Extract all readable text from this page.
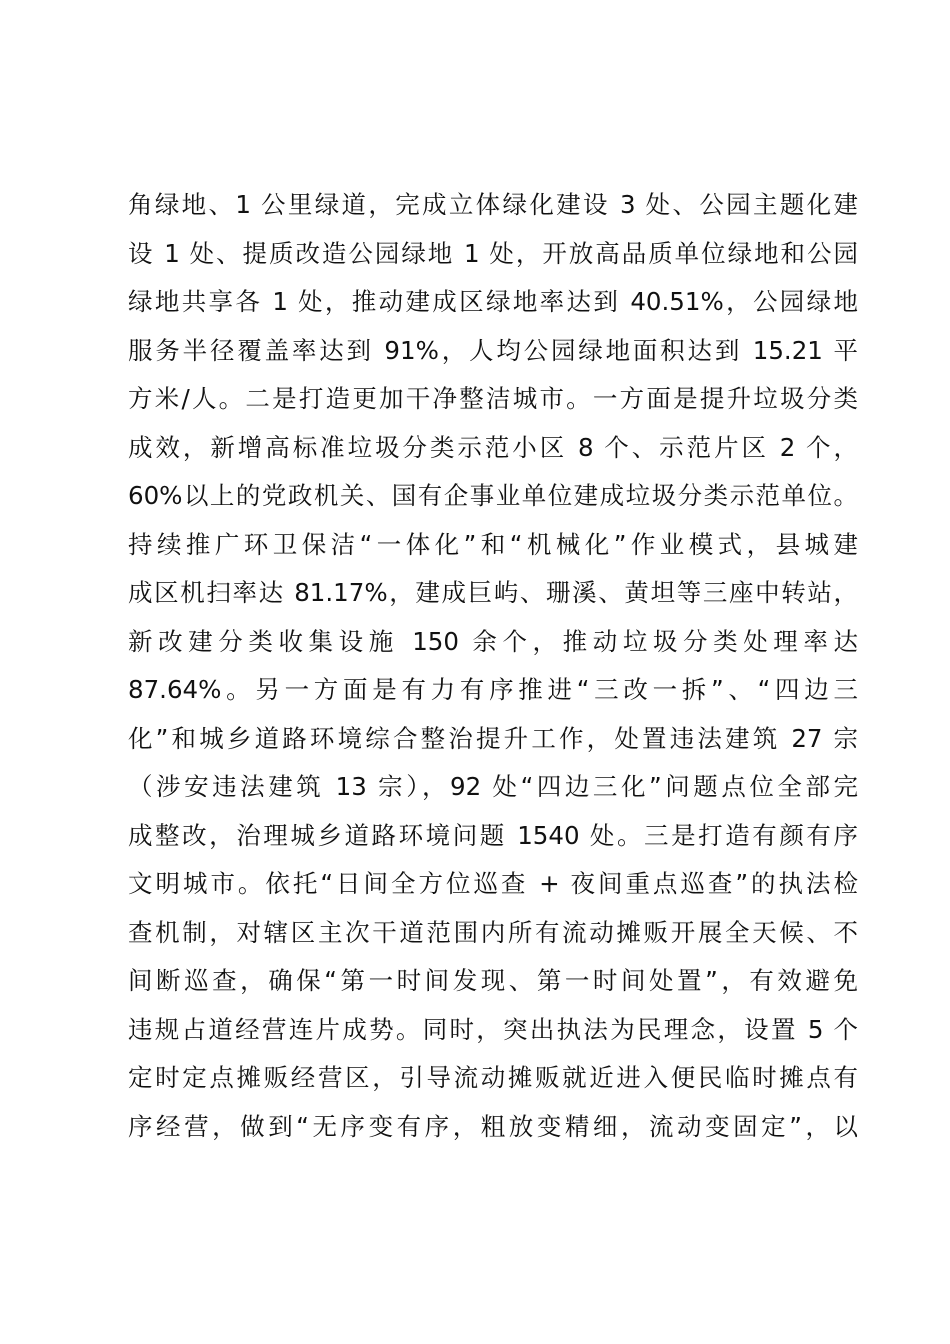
角绿地、1 公里绿道，完成立体绿化建设 3 处、公园主题化建
设 1 处、提质改造公园绿地 1 处，开放高品质单位绿地和公园
绿地共享各 1 处，推动建成区绿地率达到 40.51%，公园绿地
服务半径覆盖率达到 91%，人均公园绿地面积达到 15.21 平
方米/人。二是打造更加干净整洁城市。一方面是提升垃圾分类
成效，新增高标准垃圾分类示范小区 8 个、示范片区 2 个，
60%以上的党政机关、国有企事业单位建成垃圾分类示范单位。
持续推广环卫保洁“一体化”和“机械化”作业模式，县城建
成区机扫率达 81.17%，建成巨屿、珊溪、黄坦等三座中转站，
新改建分类收集设施 150 余个，推动垃圾分类处理率达
87.64%。另一方面是有力有序推进“三改一拆”、“四边三
化”和城乡道路环境综合整治提升工作，处置违法建筑 27 宗
（涉安违法建筑 13 宗），92 处“四边三化”问题点位全部完
成整改，治理城乡道路环境问题 1540 处。三是打造有颜有序
文明城市。依托“日间全方位巡查 + 夜间重点巡查”的执法检
查机制，对辖区主次干道范围内所有流动摊贩开展全天候、不
间断巡查，确保“第一时间发现、第一时间处置”，有效避免
违规占道经营连片成势。同时，突出执法为民理念，设置 5 个
定时定点摊贩经营区，引导流动摊贩就近进入便民临时摊点有
序经营，做到“无序变有序，粗放变精细，流动变固定”，以
